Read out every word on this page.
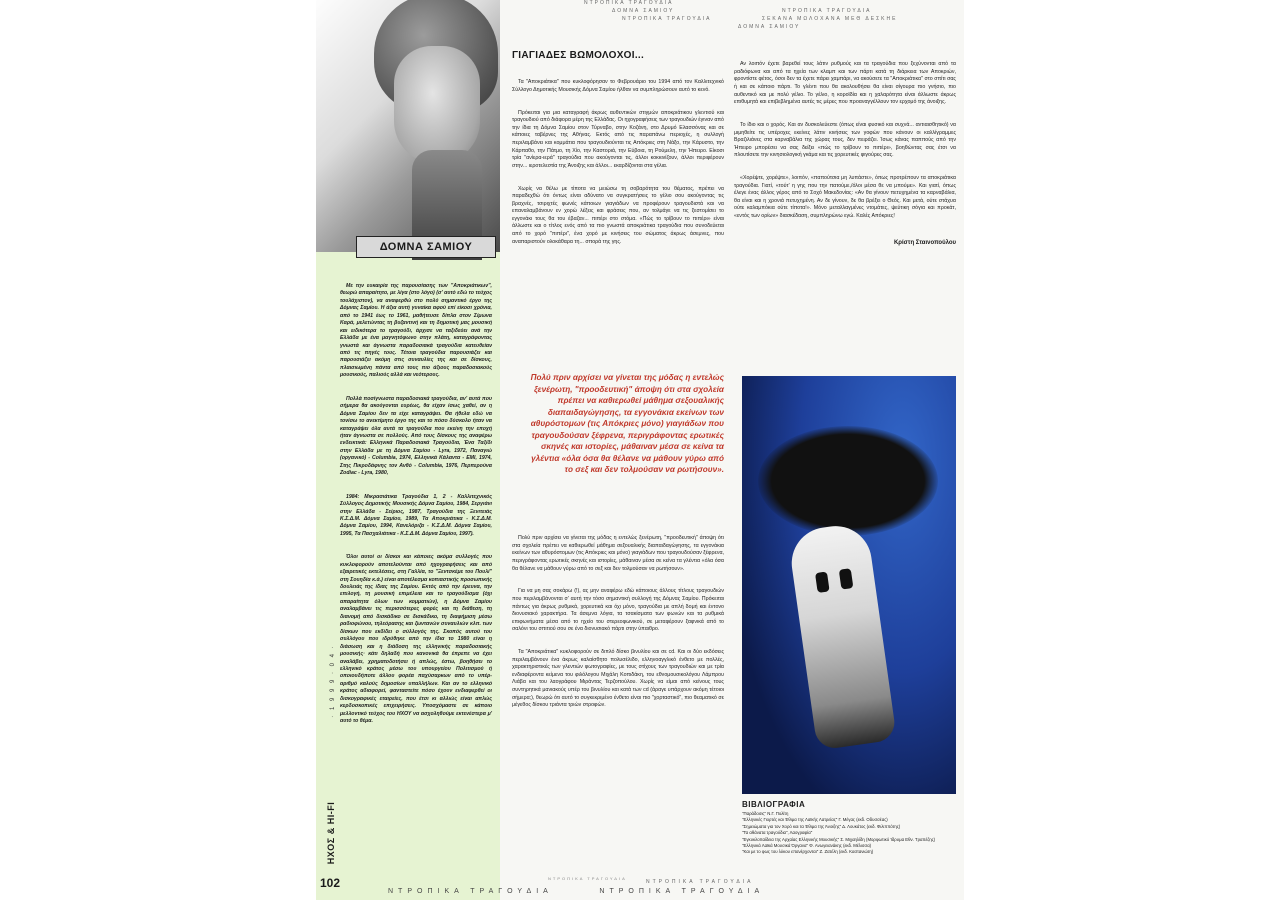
ΔΟΜΝΑ ΣΑΜΙΟΥ

Με την ευκαιρία της παρουσίασης των "Αποκριάτικων", θεωρώ απαραίτητο, με λίγα (στο λόγο) (σ' αυτό εδώ το τεύχος τουλάχιστον), να αναφερθώ στο πολύ σημαντικό έργο της Δόμνας Σαμίου. Η άξια αυτή γυναίκα αφού επί είκοσι χρόνια, από το 1941 έως το 1961, μαθήτευσε δίπλα στον Σίμωνα Καρά, μελετώντας τη βυζαντινή και τη δημοτική μας μουσική και ειδικότερα το τραγούδι, άρχισε να ταξιδεύει ανά την Ελλάδα με ένα μαγνητόφωνο στην πλάτη, καταγράφοντας γνωστά και άγνωστα παραδοσιακά τραγούδια κατευθείαν από τις πηγές τους. Τέτοια τραγούδια παρουσιάζει και παρουσιάζει ακόμη στις συναυλίες της και σε δίσκους, πλαισιωμένη πάντα από τους πιο άξιους παραδοσιακούς μουσικούς, παλιούς αλλά και νεότερους.

Πολλά ποσίγνωστα παραδοσιακά τραγούδια, αν' αυτά που σήμερα θα ακούγονται ευρέως, θα είχαν ίσως χαθεί, αν η Δόμνα Σαμίου δεν τα είχε καταγράψει. Θα ήθελα εδώ να τονίσω το ανεκτίμητο έργο της και το πόσο δύσκολο ήταν να καταγράψει όλα αυτά τα τραγούδια που εκείνη την εποχή ήταν άγνωστα σε πολλούς. Από τους δίσκους της αναφέρω ενδεικτικά: Ελληνικά Παραδοσιακά Τραγούδια, Ένα Ταξίδι στην Ελλάδα με τη Δόμνα Σαμίου - Lyra, 1972, Παναγιώ (οργανικό) - Columbia, 1974, Ελληνικά Κάλαντα - EMI, 1974, Στης Πικροδάφνης τον Ανθό - Columbia, 1976, Περπερούνα Zodiac - Lyra, 1980,

1984: Μικρασιάτικα Τραγούδια 1, 2 - Καλλιτεχνικός Σύλλογος Δημοτικής Μουσικής Δόμνα Σαμίου, 1984, Σεργιάνι στην Ελλάδα - Σείριος, 1987, Τραγούδια της Ξενιτειάς Κ.Σ.Δ.Μ. Δόμνα Σαμίου, 1989, Τα Αποκριάτικα - Κ.Σ.Δ.Μ. Δόμνα Σαμίου, 1994, Κανελόριζα - Κ.Σ.Δ.Μ. Δόμνα Σαμίου, 1995, Τα Πασχαλιάτικα - Κ.Σ.Δ.Μ. Δόμνα Σαμίου, 1997).

Όλοι αυτοί οι δίσκοι και κάποιες ακόμα συλλογές που κυκλοφορούν αποτελούνται από ηχογραφήσεις και από εξαιρετικές εκτελέσεις, στη Γαλλία, το "Ξεντσκέμε του Πουλί" στη Σουηδία κ.ά.) είναι αποτέλεσμα κοπιαστικής προσωπικής δουλειάς της ίδιας της Σαμίου. Εκτός από την έρευνα, την επιλογή, τη μουσική επιμέλεια και το τραγούδισμα (όχι απαραίτητα όλων των κομματιών), η Δόμνα Σαμίου αναλαμβάνει τις περισσότερες φορές και τη διάθεση, τη διανομή από δισκάδικο σε δισκάδικο, τη διαφήμιση μέσω ραδιοφώνου, τηλεόρασης και ζωντανών συναυλιών κλπ. των δίσκων που εκδίδει ο σύλλογός της. Σκοπός αυτού του συλλόγου που ιδρύθηκε από την ίδια το 1980 είναι η διάσωση και η διάδοση της ελληνικής παραδοσιακής μουσικής· κάτι δηλαδή που κανονικά θα έπρεπε να έχει αναλάβει, χρηματοδοτήσει ή απλώς, έστω, βοηθήσει το ελληνικό κράτος μέσω του υπουργείου Πολιτισμού ή οποιουδήποτε άλλου φορέα παχύσαρκων από το υπέρ-αριθμό καλούς δημοσίων υπαλλήλων. Και αν το ελληνικό κράτος αδιαφορεί, φανταστείτε πόσο έχουν ενδιαφερθεί οι δισκογραφικές εταιρείες, που έτσι κι αλλιώς είναι απλώς κερδοσκοπικές επιχειρήσεις. Υποσχόμαστε σε κάποιο μελλοντικό τεύχος του ΗΧΟΥ να ασχοληθούμε εκτενέστερα μ' αυτό το θέμα.

· 1 9 9 9 · 0 4 ·
ΗΧΟΣ & HI-FI
102
ΝΤΡΟΠΙΚΑ ΤΡΑΓΟΥΔΙΑ
ΔΟΜΝΑ ΣΑΜΙΟΥ
ΝΤΡΟΠΙΚΑ ΤΡΑΓΟΥΔΙΑ
ΝΤΡΟΠΙΚΑ ΤΡΑΓΟΥΔΙΑ
ΣΕΚΑΝΑ ΜΩΛΟΧΑΝΑ ΜΕΘ ΔΕΣΚΗΕ
ΔΟΜΝΑ ΣΑΜΙΟΥ
ΓΙΑΓΙΑΔΕΣ ΒΩΜΟΛΟΧΟΙ...

Τα "Αποκριάτικα" που κυκλοφόρησαν το Φεβρουάριο του 1994 από τον Καλλιτεχνικό Σύλλογο Δημοτικής Μουσικής Δόμνα Σαμίου ήλθαν να συμπληρώσουν αυτό το κενό.

Πρόκειται για μια καταγραφή άκρως αυθεντικών στιγμών αποκριάτικου γλεντιού και τραγουδιού από διάφορα μέρη της Ελλάδας. Οι ηχογραφήσεις των τραγουδιών έγιναν από την ίδια τη Δόμνα Σαμίου στον Τύρναβο, στην Κοζάνη, στο Δρυμό Ελασσόνας και σε κάποιες ταβέρνες της Αθήνας. Εκτός από τις παραπάνω περιοχές, η συλλογή περιλαμβάνει και κομμάτια που τραγουδιούνται τις Απόκριες στη Νάξο, την Κάρυστο, την Κάρπαθο, την Πάτμο, τη Χίο, την Καστοριά, την Εύβοια, τη Ρούμελη, την Ήπειρο. Είκοσι τρία "ανίερα-ιερά" τραγούδια που ακούγονται τις, άλλοι κοκκινίζουν, άλλοι περιφέρουν στην... ιεροτελεστία της Άνοιξης και άλλοι... εκαρδίζονται στα γέλια.

Χωρίς να θέλω με τίποτα να μειώσω τη σοβαρότητα του θέματος, πρέπει να παραδεχθώ ότι όντως είναι αδύνατο να συγκρατήσεις το γέλιο σου ακούγοντας τις βραχνές, τσιριχτές φωνές κάποιων γιαγιάδων να προφέρουν τραγουδιστά και να επαναλαμβάνουν εν χορώ λέξεις και φράσεις που, αν τολμάγε να τις ξεστομίσει το εγγονάκι τους θα του έβαζαν... πιπέρι στο στόμα. «Πώς το τρίβουν το πιπέρι» είναι άλλωστε και ο τίτλος ενός από τα πιο γνωστά αποκριάτικα τραγούδια που συνοδεύεται από το χορό "πιπέρι", ένα χορό με κινήσεις του σώματος άκρως άσεμνες, που αναπαριστούν ολοκάθαρα τη... σπορά της γης.

Πολύ πριν αρχίσει να γίνεται της μόδας η εντελώς ξενέρωτη, "προοδευτική" άποψη ότι στα σχολεία πρέπει να καθιερωθεί μάθημα σεξουαλικής διαπαιδαγώγησης, τα εγγονάκια εκείνων των αθυρόστομων (τις Απόκριες μόνο) γιαγιάδων που τραγουδούσαν ξέφρενα, περιγράφοντας ερωτικές σκηνές και ιστορίες, μάθαιναν μέσα σε κείνα τα γλέντια «όλα όσα θα θέλανε να μάθουν γύρω από το σεξ και δεν τολμούσαν να ρωτήσουν».

Πολύ πριν αρχίσει να γίνεται της μόδας η εντελώς ξενέρωτη, "προοδευτική" άποψη ότι στα σχολεία πρέπει να καθιερωθεί μάθημα σεξουαλικής διαπαιδαγώγησης, τα εγγονάκια εκείνων των αθυρόστομων (τις Απόκριες και μόνο) γιαγιάδων που τραγουδούσαν ξέφρενα, περιγράφοντας ερωτικές σκηνές και ιστορίες, μάθαιναν μέσα σε κείνα τα γλέντια «όλα όσα θα θέλανε να μάθουν γύρω από το σεξ και δεν τολμούσαν να ρωτήσουν».

Για να μη σας σοκάρω (!), ας μην αναφέρω εδώ κάποιους άλλους τίτλους τραγουδιών που περιλαμβάνονται σ' αυτή την τόσο σημαντική συλλογή της Δόμνας Σαμίου. Πρόκειται πάντως για άκρως ρυθμικά, χορευτικά και όχι μόνο, τραγούδια με απλή δομή και έντονο διονυσιακό χαρακτήρα. Τα άσεμνα λόγια, τα τσακίσματα των φωνών και τα ρυθμικά επιφωνήματα μέσα από το ηχείο του στερεοφωνικού, σε μεταφέρουν ξαφνικά από το σαλόνι του σπιτιού σου σε ένα διονυσιακό πάρτι στην ύπαιθρο.

Τα "Αποκριάτικα" κυκλοφορούν σε διπλό δίσκο βινυλίου και σε cd. Και οι δύο εκδόσεις περιλαμβάνουν ένα άκρως καλαίσθητο πολυσέλιδο, ελληνοαγγλικό ένθετο με πολλές, χαρακτηριστικές των γλεντιών φωτογραφίες, με τους στίχους των τραγουδιών και με τρία ενδιαφέροντα κείμενα του φιλόλογου Μιχάλη Κοπιδάκη, του εθνομουσικολόγου Λάμπρου Λιάβα και του λαογράφου Μιράντας Τερζοπούλου. Χωρίς να είμαι από κείνους τους συντηρητικά μανιακούς υπέρ του βινυλίου και κατά των cd (άραγε υπάρχουν ακόμη τέτοιοι σήμερα;), θεωρώ ότι αυτό το συγκεκριμένο ένθετο είναι πιο "χορταστικό", πιο θεαματικό σε μέγεθος δίσκου τριάντα τριών στροφών.

Αν λοιπόν έχετε βαρεθεί τους λάτιν ρυθμούς και τα τραγούδια που ξεχύνονται από τα ραδιόφωνα και από τα ηχεία των κλαμπ και των πάρτι κατά τη διάρκεια των Αποκριών, φροντίστε φέτος, όσοι δεν τα έχετε πάρει χαμπάρι, να ακούσετε τα "Αποκριάτικα" στο σπίτι σας ή και σε κάποιο πάρτι. Το γλέντι που θα ακολουθήσει θα είναι σίγουρα πιο γνήσιο, πιο αυθεντικό και με πολύ γέλιο. Το γέλιο, η κοροϊδία και η χαλαρότητα είναι άλλωστε άκρως επιθυμητά και επιβεβλημένα αυτές τις μέρες που προαναγγέλλουν τον ερχομό της άνοιξης.

Το ίδιο και ο χορός. Και αν δυσκολεύεστε (όπως είναι φυσικό και συχνά... αντιαισθητικό) να μιμηθείτε τις υπέροχες εκείνες λάτιν κινήσεις των γοφών που κάνουν οι καλλίγραμμες Βραζιλιάνες στα καρναβάλια της χώρας τους, δεν πειράζει. Ίσως κάνας παππούς από την Ήπειρο μπορέσει να σας δείξει «πώς το τρίβουν το πιπέρι», βοηθώντας σας έτσι να πλουτίσετε την κινησιολογική γκάμα και τις χορευτικές φιγούρες σας.

«Χορέψτε, χορέψτε», λοιπόν, «παπούτσια μη λυπάστε», όπως προτρέπουν τα αποκριάτικα τραγούδια. Γιατί, «τούτ' η γης που την πατούμε,/όλοι μέσα θε να μπούμε». Και γιατί, όπως έλεγε ένας άλλος γέρος από το Σοχό Μακεδονίας: «Αν θα γίνουν πετυχημένα τα καρναβάλια, θα είναι και η χρονιά πετυχημένη. Αν δε γίνουν, δε θα βρέξει ο Θεός. Και μετά, ούτε στάχυα ούτε καλαμπόκια ούτε τίποτα!». Μόνο μεταλλαγμένες ντομάτες, ψεύτικη σόγια και προκάτ, «εντός των ορίων» διασκέδαση, συμπληρώνω εγώ. Καλές Απόκριες!

Κρίστη Σταινοπούλου
ΒΙΒΛΙΟΓΡΑΦΙΑ
"Παράδοσις" Ν.Γ. Πολίτη
"Ελληνικές Γιορτές και Έθιμα της Λαϊκής Λατρείας" Γ. Μέγας (εκδ. Οδυσσέας)
"Σημειώματα για τον Χορό και τα Έθιμα της Άνοιξης" Δ. Λουκάτος (εκδ. Φιλιππότης)
"Τα αθάνατα τραγούδια", Λαογραφία"
"Εγκυκλοπαίδεια της Αρχαίας Ελληνικής Μουσικής" Σ. Μιχαηλίδη (Μορφωτικό Ίδρυμα Εθν. Τραπέζης)
"Ελληνικά Λαϊκά Μουσικά Όργανα" Φ. Ανωγειανάκης (εκδ. Μέλισσα)
"Και με το φως του λύκου επανέρχονται" Ζ. Ζατέλη (εκδ. Καστανιώτη)
ΝΤΡΟΠΙΚΑ ΤΡΑΓΟΥΔΙΑ
ΝΤΡΟΠΙΚΑ ΤΡΑΓΟΥΔΙΑ
ΝΤΡΟΠΙΚΑ ΤΡΑΓΟΥΔΙΑ	ΝΤΡΟΠΙΚΑ ΤΡΑΓΟΥΔΙΑ
